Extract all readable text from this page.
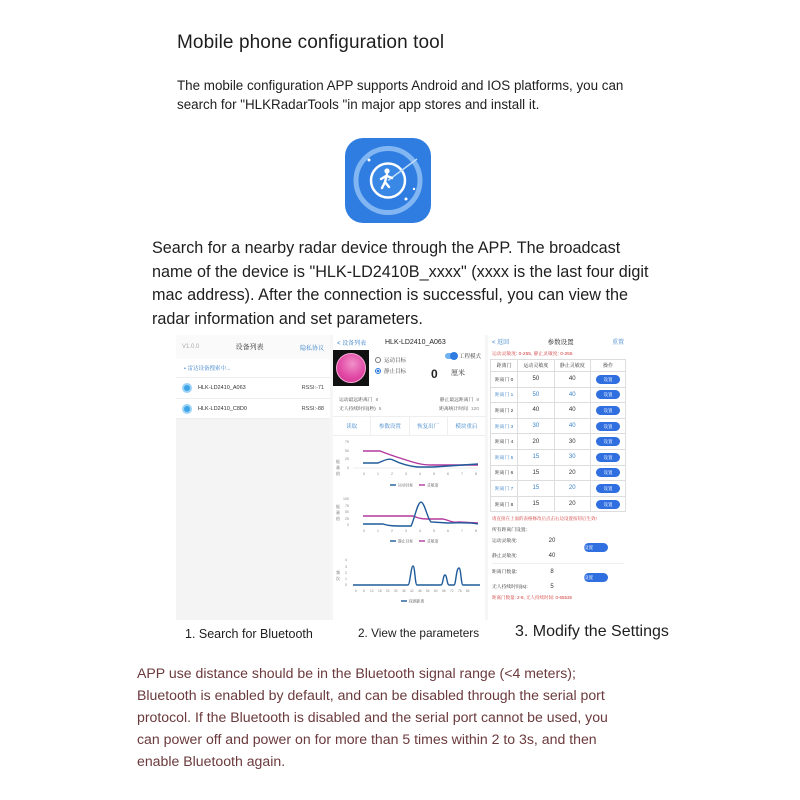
Mobile phone configuration tool
The mobile configuration APP supports Android and IOS platforms, you can search for "HLKRadarTools "in major app stores and install it.
Search for a nearby radar device through the APP. The broadcast name of the device is "HLK-LD2410B_xxxx" (xxxx is the last four digit mac address). After the connection is successful, you can view the radar information and set parameters.
V1.0.0	设备列表	隐私协议
• 雷达设备搜索中...
HLK-LD2410_A063	RSSI:-71
HLK-LD2410_C8D0	RSSI:-88
< 设备列表	HLK-LD2410_A063
运动目标
静止目标
工程模式
0 厘米
运动最远距离门 8	静止最远距离门 8
无人持续时间(秒) 5	距离统计时间 120
读取	参数设置	恢复出厂	模块重启
能
量
值
75
50
25
0
0	1	2	3	4	5	6	7	8
运动目标	灵敏度
能
量
值
100
75
50
25
0
0	1	2	3	4	5	6	7	8
静止目标	灵敏度
频
次
4
3
2
1
0
0 6 12 18 24 30 36 42 48 54 60 66 72 78 84
探测距离
< 返回	参数设置	重置
运动灵敏度: 0-255, 静止灵敏度: 0-255
距离门	运动灵敏度	静止灵敏度	操作
距离门 0	50	40	设置
距离门 1	50	40	设置
距离门 2	40	40	设置
距离门 3	30	40	设置
距离门 4	20	30	设置
距离门 5	15	30	设置
距离门 6	15	20	设置
距离门 7	15	20	设置
距离门 8	15	20	设置
请直接在上面的表格修改后点击右边设置按钮后生效!
所有距离门设置:
运动灵敏度:	20
静止灵敏度:	40
设置
距离门数量:	8
无人持续时间(s):	5
设置
距离门数量: 2-8, 无人持续时间: 0-65535
1. Search for Bluetooth	2. View the parameters 3. Modify the Settings
APP use distance should be in the Bluetooth signal range (<4 meters); Bluetooth is enabled by default, and can be disabled through the serial port protocol. If the Bluetooth is disabled and the serial port cannot be used, you can power off and power on for more than 5 times within 2 to 3s, and then enable Bluetooth again.
